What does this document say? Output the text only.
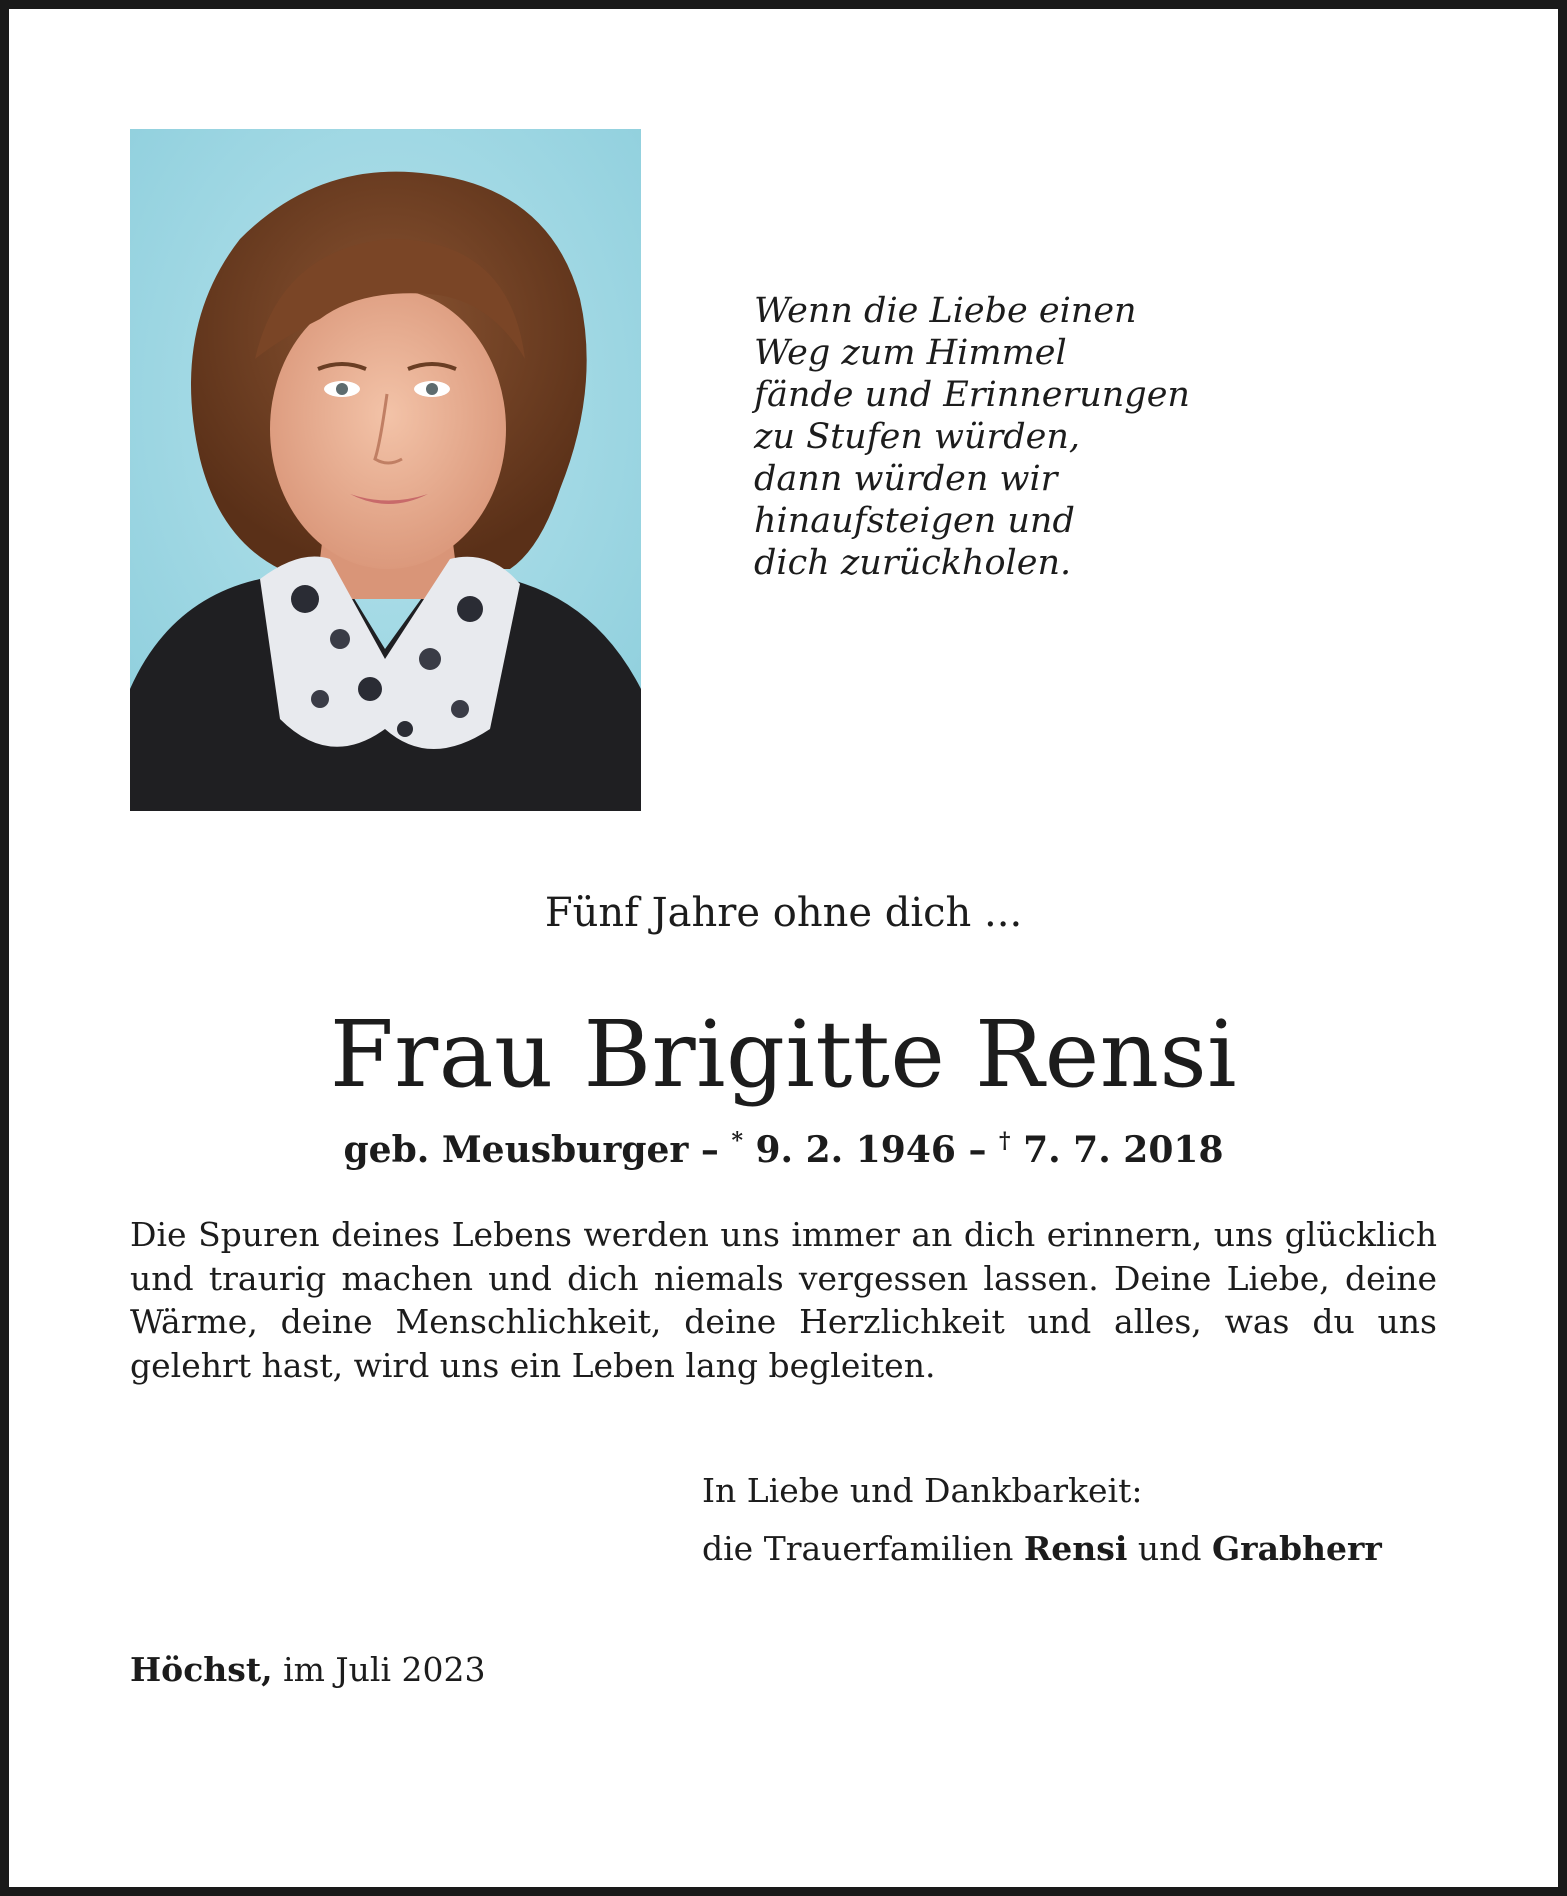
Wenn die Liebe einen
Weg zum Himmel
fände und Erinnerungen
zu Stufen würden,
dann würden wir
hinaufsteigen und
dich zurückholen.
Fünf Jahre ohne dich ...
Frau Brigitte Rensi
geb. Meusburger – * 9. 2. 1946 – † 7. 7. 2018
Die Spuren deines Lebens werden uns immer an dich erinnern, uns glücklich und traurig machen und dich niemals vergessen lassen. Deine Liebe, deine Wärme, deine Menschlichkeit, deine Herzlichkeit und alles, was du uns gelehrt hast, wird uns ein Leben lang begleiten.
In Liebe und Dankbarkeit:
die Trauerfamilien Rensi und Grabherr
Höchst, im Juli 2023
